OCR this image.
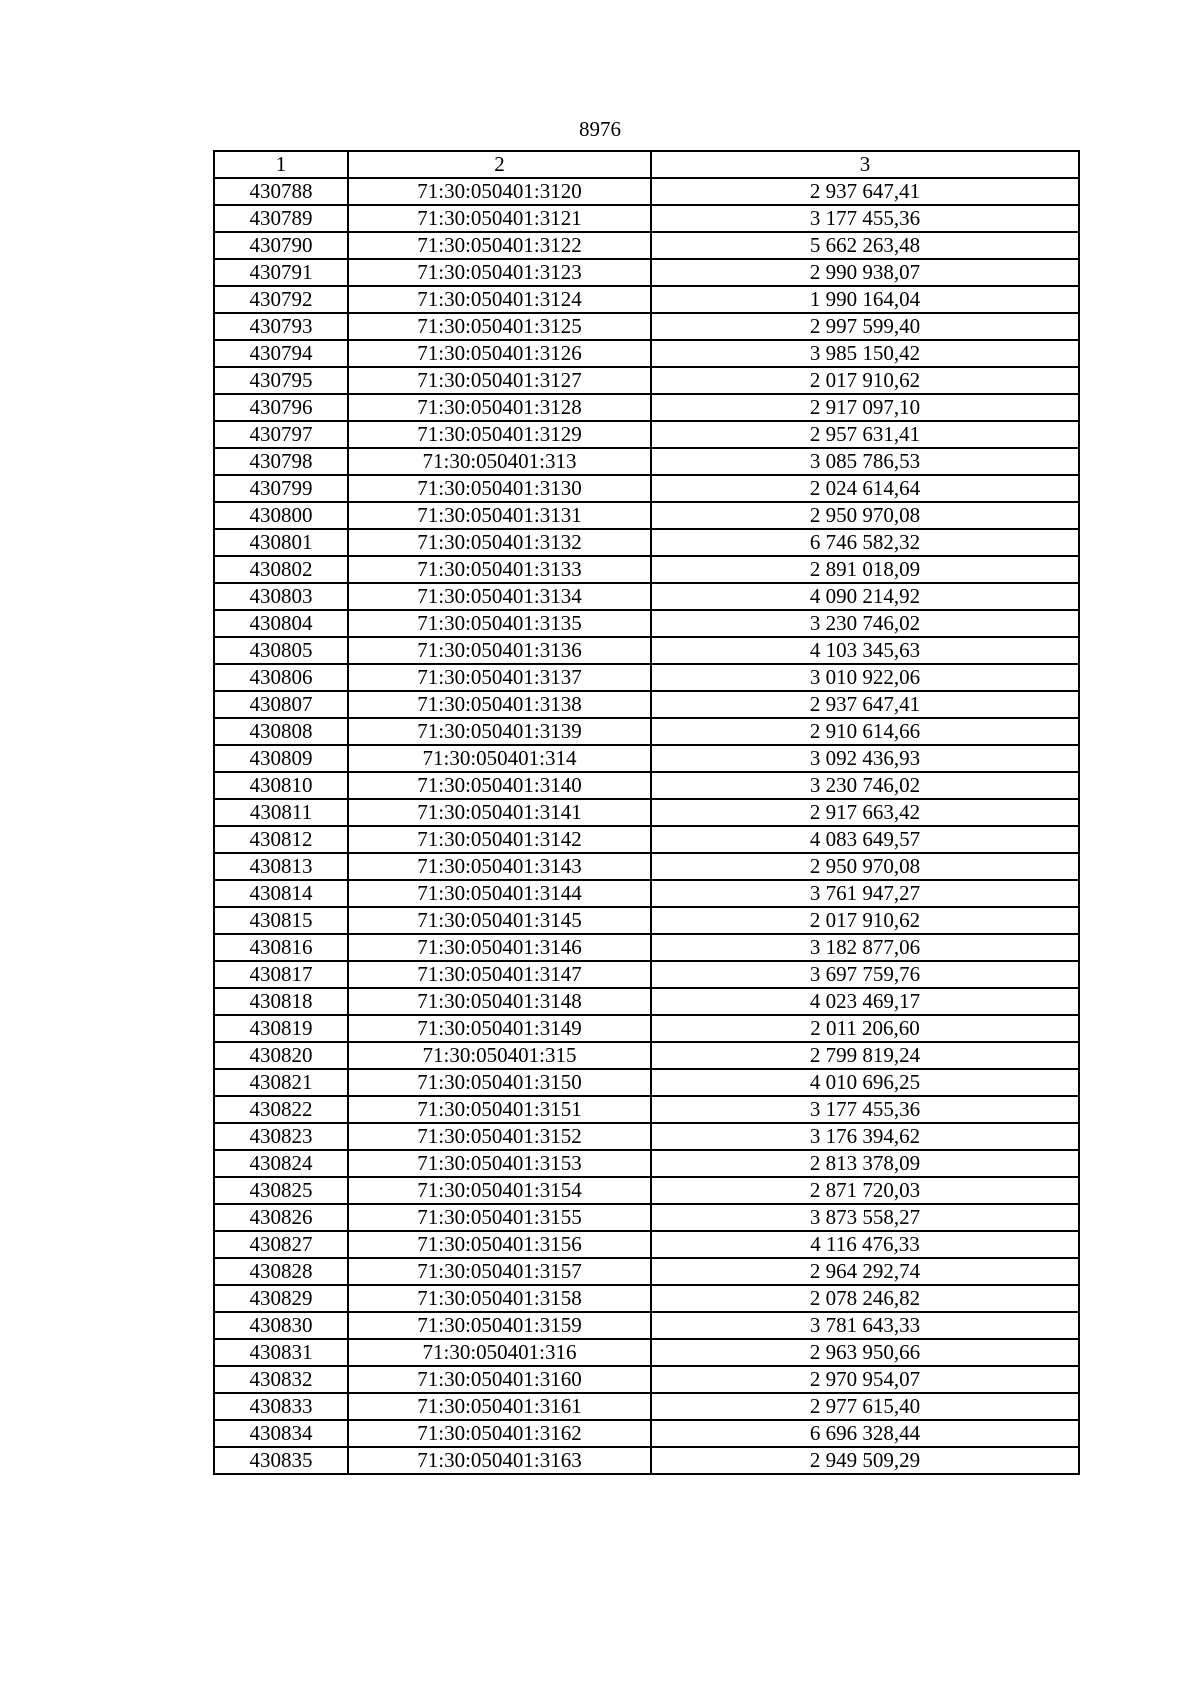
8976
1	2	3
430788	71:30:050401:3120	2 937 647,41
430789	71:30:050401:3121	3 177 455,36
430790	71:30:050401:3122	5 662 263,48
430791	71:30:050401:3123	2 990 938,07
430792	71:30:050401:3124	1 990 164,04
430793	71:30:050401:3125	2 997 599,40
430794	71:30:050401:3126	3 985 150,42
430795	71:30:050401:3127	2 017 910,62
430796	71:30:050401:3128	2 917 097,10
430797	71:30:050401:3129	2 957 631,41
430798	71:30:050401:313	3 085 786,53
430799	71:30:050401:3130	2 024 614,64
430800	71:30:050401:3131	2 950 970,08
430801	71:30:050401:3132	6 746 582,32
430802	71:30:050401:3133	2 891 018,09
430803	71:30:050401:3134	4 090 214,92
430804	71:30:050401:3135	3 230 746,02
430805	71:30:050401:3136	4 103 345,63
430806	71:30:050401:3137	3 010 922,06
430807	71:30:050401:3138	2 937 647,41
430808	71:30:050401:3139	2 910 614,66
430809	71:30:050401:314	3 092 436,93
430810	71:30:050401:3140	3 230 746,02
430811	71:30:050401:3141	2 917 663,42
430812	71:30:050401:3142	4 083 649,57
430813	71:30:050401:3143	2 950 970,08
430814	71:30:050401:3144	3 761 947,27
430815	71:30:050401:3145	2 017 910,62
430816	71:30:050401:3146	3 182 877,06
430817	71:30:050401:3147	3 697 759,76
430818	71:30:050401:3148	4 023 469,17
430819	71:30:050401:3149	2 011 206,60
430820	71:30:050401:315	2 799 819,24
430821	71:30:050401:3150	4 010 696,25
430822	71:30:050401:3151	3 177 455,36
430823	71:30:050401:3152	3 176 394,62
430824	71:30:050401:3153	2 813 378,09
430825	71:30:050401:3154	2 871 720,03
430826	71:30:050401:3155	3 873 558,27
430827	71:30:050401:3156	4 116 476,33
430828	71:30:050401:3157	2 964 292,74
430829	71:30:050401:3158	2 078 246,82
430830	71:30:050401:3159	3 781 643,33
430831	71:30:050401:316	2 963 950,66
430832	71:30:050401:3160	2 970 954,07
430833	71:30:050401:3161	2 977 615,40
430834	71:30:050401:3162	6 696 328,44
430835	71:30:050401:3163	2 949 509,29
